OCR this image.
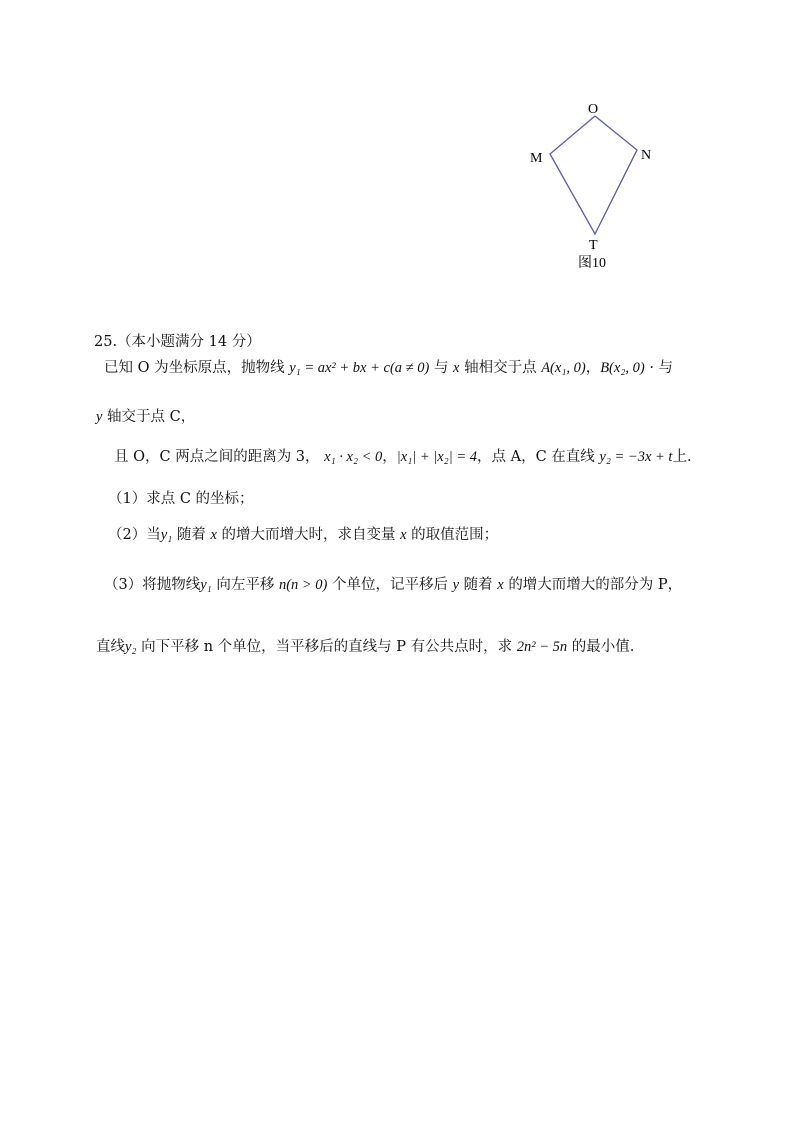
O
M	N
T
图10
25.（本小题满分 14 分）
已知 O 为坐标原点，抛物线 y₁ = ax² + bx + c(a ≠ 0) 与 x 轴相交于点 A(x₁, 0)，B(x₂, 0) · 与
y 轴交于点 C，
且 O，C 两点之间的距离为 3， x₁ · x₂ < 0，|x₁| + |x₂| = 4，点 A，C 在直线 y₂ = −3x + t上.
（1）求点 C 的坐标；
（2）当y₁ 随着 x 的增大而增大时，求自变量 x 的取值范围；
（3）将抛物线y₁ 向左平移 n(n > 0) 个单位，记平移后 y 随着 x 的增大而增大的部分为 P，
直线y₂ 向下平移 n 个单位，当平移后的直线与 P 有公共点时，求 2n² − 5n 的最小值.
